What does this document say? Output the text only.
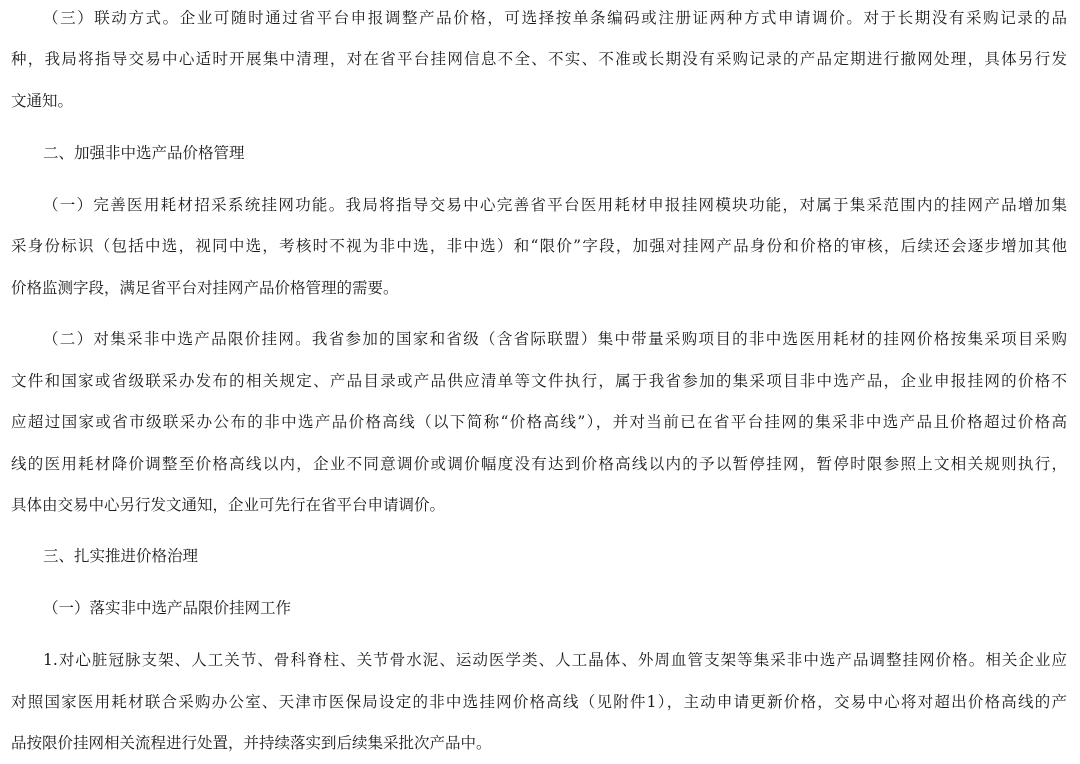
（三）联动方式。企业可随时通过省平台申报调整产品价格，可选择按单条编码或注册证两种方式申请调价。对于长期没有采购记录的品
种，我局将指导交易中心适时开展集中清理，对在省平台挂网信息不全、不实、不准或长期没有采购记录的产品定期进行撤网处理，具体另行发
文通知。
二、加强非中选产品价格管理
（一）完善医用耗材招采系统挂网功能。我局将指导交易中心完善省平台医用耗材申报挂网模块功能，对属于集采范围内的挂网产品增加集
采身份标识（包括中选，视同中选，考核时不视为非中选，非中选）和“限价”字段，加强对挂网产品身份和价格的审核，后续还会逐步增加其他
价格监测字段，满足省平台对挂网产品价格管理的需要。
（二）对集采非中选产品限价挂网。我省参加的国家和省级（含省际联盟）集中带量采购项目的非中选医用耗材的挂网价格按集采项目采购
文件和国家或省级联采办发布的相关规定、产品目录或产品供应清单等文件执行，属于我省参加的集采项目非中选产品，企业申报挂网的价格不
应超过国家或省市级联采办公布的非中选产品价格高线（以下简称“价格高线”），并对当前已在省平台挂网的集采非中选产品且价格超过价格高
线的医用耗材降价调整至价格高线以内，企业不同意调价或调价幅度没有达到价格高线以内的予以暂停挂网，暂停时限参照上文相关规则执行，
具体由交易中心另行发文通知，企业可先行在省平台申请调价。
三、扎实推进价格治理
（一）落实非中选产品限价挂网工作
1.对心脏冠脉支架、人工关节、骨科脊柱、关节骨水泥、运动医学类、人工晶体、外周血管支架等集采非中选产品调整挂网价格。相关企业应
对照国家医用耗材联合采购办公室、天津市医保局设定的非中选挂网价格高线（见附件1），主动申请更新价格，交易中心将对超出价格高线的产
品按限价挂网相关流程进行处置，并持续落实到后续集采批次产品中。
